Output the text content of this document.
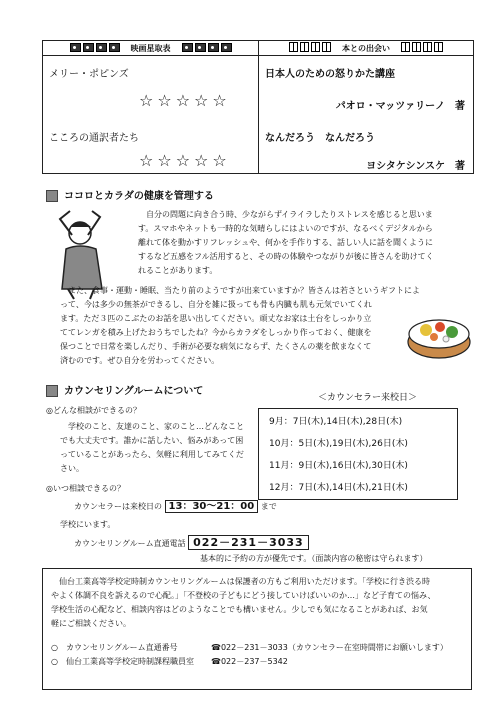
映画星取表	本との出会い
メリー・ポピンズ
☆☆☆☆☆
こころの通訳者たち
☆☆☆☆☆
日本人のための怒りかた講座
パオロ・マッツァリーノ　著
なんだろう　なんだろう
ヨシタケシンスケ　著
ココロとカラダの健康を管理する
自分の問題に向き合う時、少ながらずイライラしたりストレスを感じると思いま
す。スマホやネットも一時的な気晴らしにはよいのですが、なるべくデジタルから
離れて体を動かすリフレッシュや、何かを手作りする、話しい人に話を聞くように
するなど五感をフル活用すると、その時の体験やつながりが後に皆さんを助けてく
れることがあります。
また、食事・運動・睡眠、当たり前のようですが出来ていますか？皆さんは若さというギフトによ
って、今は多少の無茶ができるし、自分を雑に扱っても骨も内臓も肌も元気でいてくれ
ます。ただ３匹のこぶたのお話を思い出してください。頑丈なお家は土台をしっかり立
ててレンガを積み上げたおうちでしたね？今からカラダをしっかり作っておく、健康を
保つことで日常を楽しんだり、手術が必要な病気にならず、たくさんの薬を飲まなくて
済むのです。ぜひ自分を労わってください。
カウンセリングルームについて
◎どんな相談ができるの？
学校のこと、友達のこと、家のこと…どんなこと
でも大丈夫です。誰かに話したい、悩みがあって困
っていることがあったら、気軽に利用してみてくだ
さい。
◎いつ相談できるの？
カウンセラーは来校日の 13：30〜21：00 まで
学校にいます。
カウンセリングルーム直通電話 022－231－3033
基本的に予約の方が優先です。（面談内容の秘密は守られます）
＜カウンセラー来校日＞
9月：7日(木),14日(木),28日(木)
10月：5日(木),19日(木),26日(木)
11月：9日(木),16日(木),30日(木)
12月：7日(木),14日(木),21日(木)
仙台工業高等学校定時制カウンセリングルームは保護者の方もご利用いただけます。｢学校に行き渋る時
やよく体調不良を訴えるので心配。｣「不登校の子どもにどう接していけばいいのか…」など子育ての悩み、
学校生活の心配など、相談内容はどのようなことでも構いません。少しでも気になることがあれば、お気
軽にご相談ください。
○　カウンセリングルーム直通番号	☎022－231－3033（カウンセラー在室時間帯にお願いします）
○　仙台工業高等学校定時制課程職員室	☎022－237－5342
